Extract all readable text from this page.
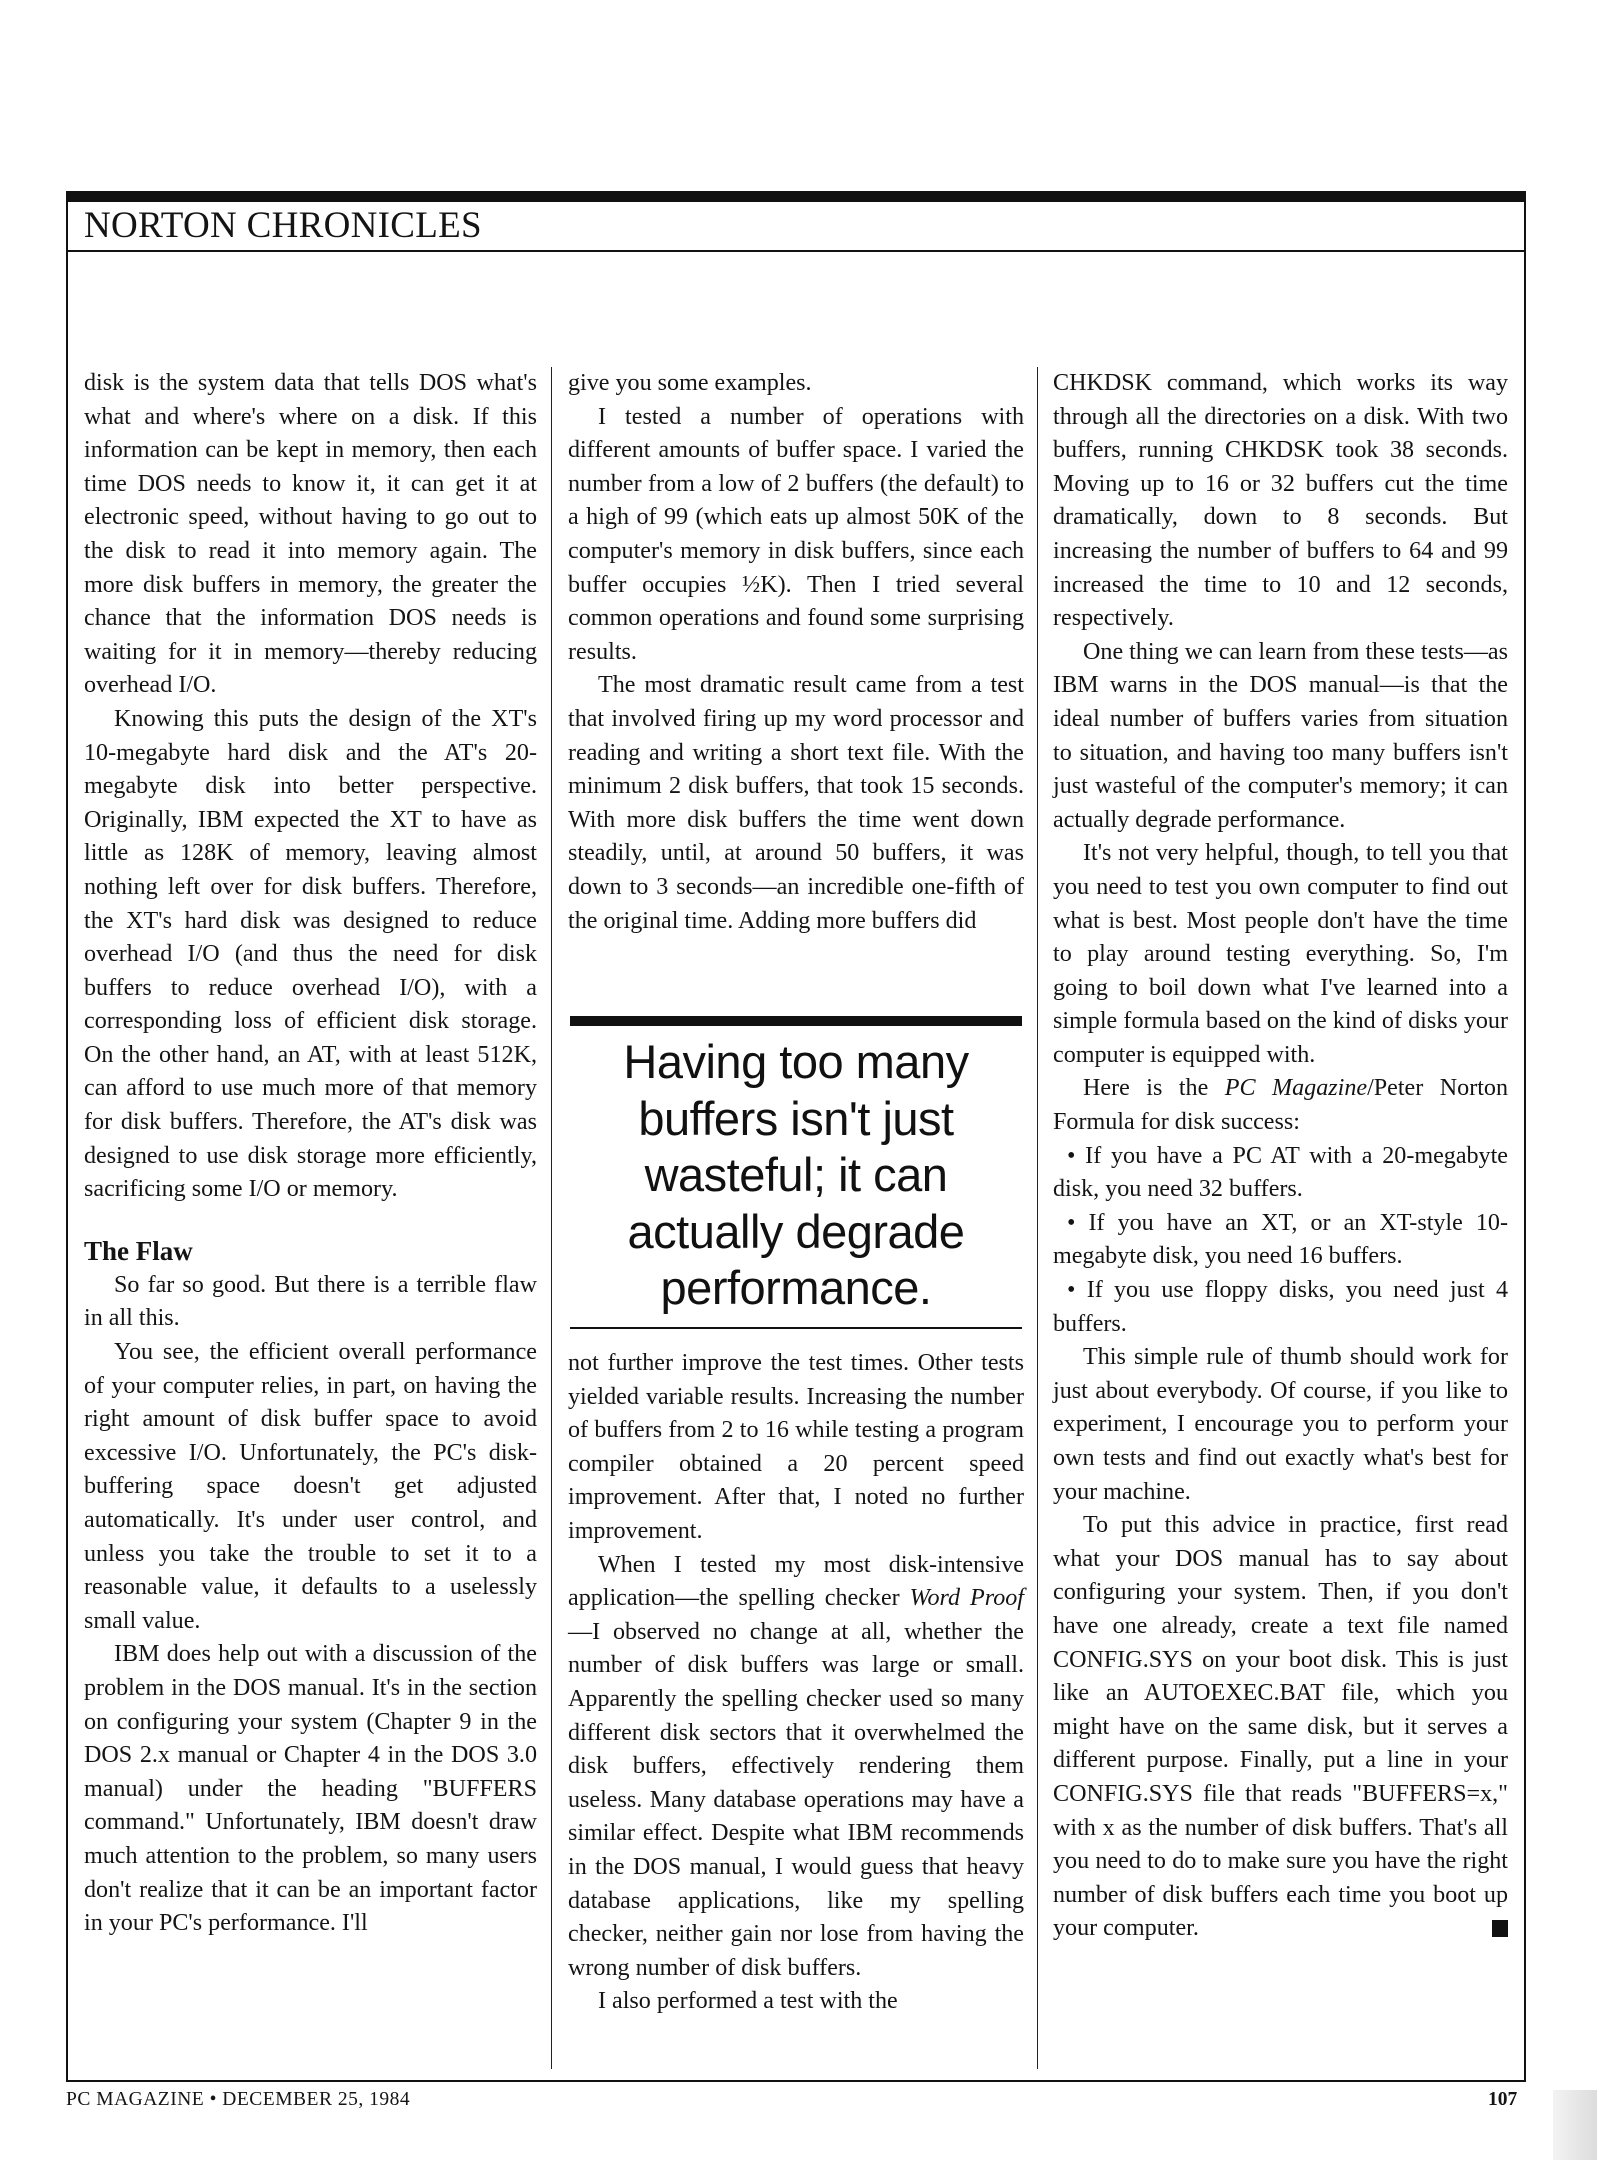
NORTON CHRONICLES

disk is the system data that tells DOS what's what and where's where on a disk. If this information can be kept in memory, then each time DOS needs to know it, it can get it at electronic speed, without having to go out to the disk to read it into memory again. The more disk buffers in memory, the greater the chance that the information DOS needs is waiting for it in memory—thereby reducing overhead I/O.

Knowing this puts the design of the XT's 10-megabyte hard disk and the AT's 20-megabyte disk into better perspective. Originally, IBM expected the XT to have as little as 128K of memory, leaving almost nothing left over for disk buffers. Therefore, the XT's hard disk was designed to reduce overhead I/O (and thus the need for disk buffers to reduce overhead I/O), with a corresponding loss of efficient disk storage. On the other hand, an AT, with at least 512K, can afford to use much more of that memory for disk buffers. Therefore, the AT's disk was designed to use disk storage more efficiently, sacrificing some I/O or memory.

The Flaw

So far so good. But there is a terrible flaw in all this.

You see, the efficient overall performance of your computer relies, in part, on having the right amount of disk buffer space to avoid excessive I/O. Unfortunately, the PC's disk-buffering space doesn't get adjusted automatically. It's under user control, and unless you take the trouble to set it to a reasonable value, it defaults to a uselessly small value.

IBM does help out with a discussion of the problem in the DOS manual. It's in the section on configuring your system (Chapter 9 in the DOS 2.x manual or Chapter 4 in the DOS 3.0 manual) under the heading "BUFFERS command." Unfortunately, IBM doesn't draw much attention to the problem, so many users don't realize that it can be an important factor in your PC's performance. I'll

give you some examples.

I tested a number of operations with different amounts of buffer space. I varied the number from a low of 2 buffers (the default) to a high of 99 (which eats up almost 50K of the computer's memory in disk buffers, since each buffer occupies ½K). Then I tried several common operations and found some surprising results.

The most dramatic result came from a test that involved firing up my word processor and reading and writing a short text file. With the minimum 2 disk buffers, that took 15 seconds. With more disk buffers the time went down steadily, until, at around 50 buffers, it was down to 3 seconds—an incredible one-fifth of the original time. Adding more buffers did

Having too many buffers isn't just wasteful; it can actually degrade performance.

not further improve the test times. Other tests yielded variable results. Increasing the number of buffers from 2 to 16 while testing a program compiler obtained a 20 percent speed improvement. After that, I noted no further improvement.

When I tested my most disk-intensive application—the spelling checker Word Proof—I observed no change at all, whether the number of disk buffers was large or small. Apparently the spelling checker used so many different disk sectors that it overwhelmed the disk buffers, effectively rendering them useless. Many database operations may have a similar effect. Despite what IBM recommends in the DOS manual, I would guess that heavy database applications, like my spelling checker, neither gain nor lose from having the wrong number of disk buffers.

I also performed a test with the

CHKDSK command, which works its way through all the directories on a disk. With two buffers, running CHKDSK took 38 seconds. Moving up to 16 or 32 buffers cut the time dramatically, down to 8 seconds. But increasing the number of buffers to 64 and 99 increased the time to 10 and 12 seconds, respectively.

One thing we can learn from these tests—as IBM warns in the DOS manual—is that the ideal number of buffers varies from situation to situation, and having too many buffers isn't just wasteful of the computer's memory; it can actually degrade performance.

It's not very helpful, though, to tell you that you need to test you own computer to find out what is best. Most people don't have the time to play around testing everything. So, I'm going to boil down what I've learned into a simple formula based on the kind of disks your computer is equipped with.

Here is the PC Magazine/Peter Norton Formula for disk success:

• If you have a PC AT with a 20-megabyte disk, you need 32 buffers.

• If you have an XT, or an XT-style 10-megabyte disk, you need 16 buffers.

• If you use floppy disks, you need just 4 buffers.

This simple rule of thumb should work for just about everybody. Of course, if you like to experiment, I encourage you to perform your own tests and find out exactly what's best for your machine.

To put this advice in practice, first read what your DOS manual has to say about configuring your system. Then, if you don't have one already, create a text file named CONFIG.SYS on your boot disk. This is just like an AUTOEXEC.BAT file, which you might have on the same disk, but it serves a different purpose. Finally, put a line in your CONFIG.SYS file that reads "BUFFERS=x," with x as the number of disk buffers. That's all you need to do to make sure you have the right number of disk buffers each time you boot up your computer.

PC MAGAZINE • DECEMBER 25, 1984	107
